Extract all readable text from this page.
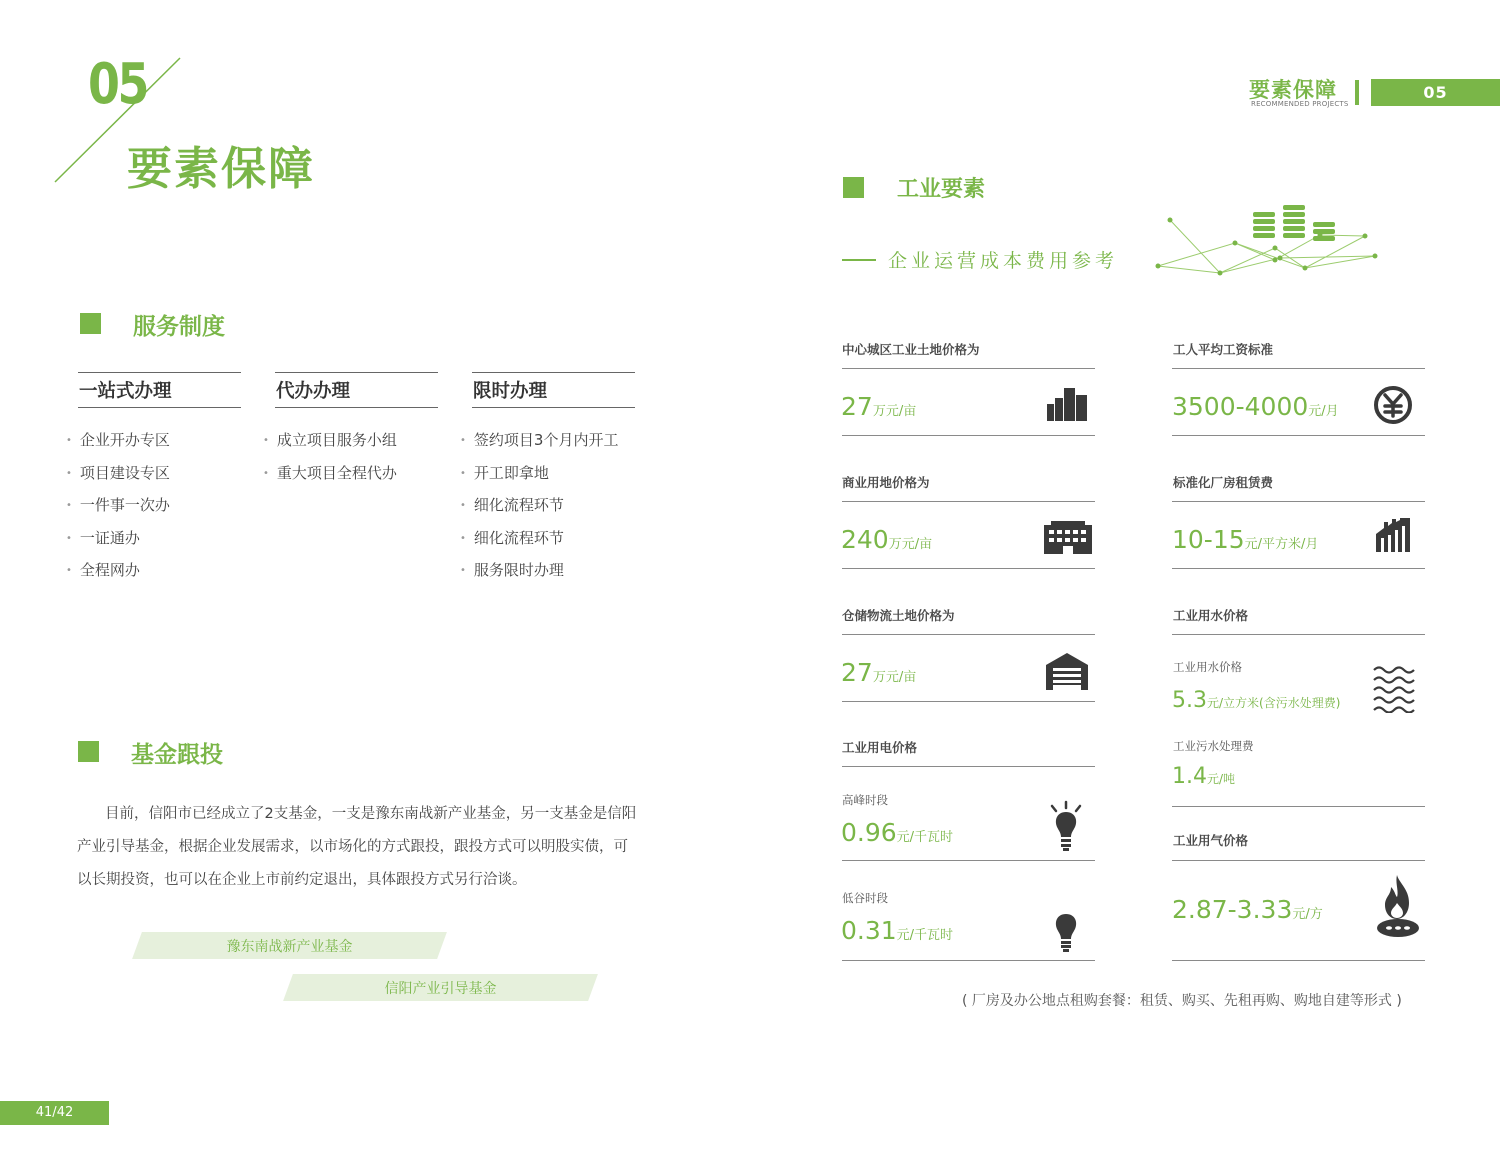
05
要素保障
服务制度
一站式办理
• 企业开办专区
• 项目建设专区
• 一件事一次办
• 一证通办
• 全程网办
代办办理
• 成立项目服务小组
• 重大项目全程代办
限时办理
• 签约项目3个月内开工
• 开工即拿地
• 细化流程环节
• 细化流程环节
• 服务限时办理
基金跟投
目前，信阳市已经成立了2支基金，一支是豫东南战新产业基金，另一支基金是信阳
产业引导基金，根据企业发展需求，以市场化的方式跟投，跟投方式可以明股实债，可
以长期投资，也可以在企业上市前约定退出，具体跟投方式另行洽谈。
豫东南战新产业基金
信阳产业引导基金
41/42
要素保障
RECOMMENDED PROJECTS
05
工业要素
企业运营成本费用参考
中心城区工业土地价格为
27万元/亩
商业用地价格为
240万元/亩
仓储物流土地价格为
27万元/亩
工业用电价格
高峰时段
0.96元/千瓦时
低谷时段
0.31元/千瓦时
工人平均工资标准
3500-4000元/月
标准化厂房租赁费
10-15元/平方米/月
工业用水价格
工业用水价格
5.3元/立方米(含污水处理费)
工业污水处理费
1.4元/吨
工业用气价格
2.87-3.33元/方
( 厂房及办公地点租购套餐：租赁、购买、先租再购、购地自建等形式 )
